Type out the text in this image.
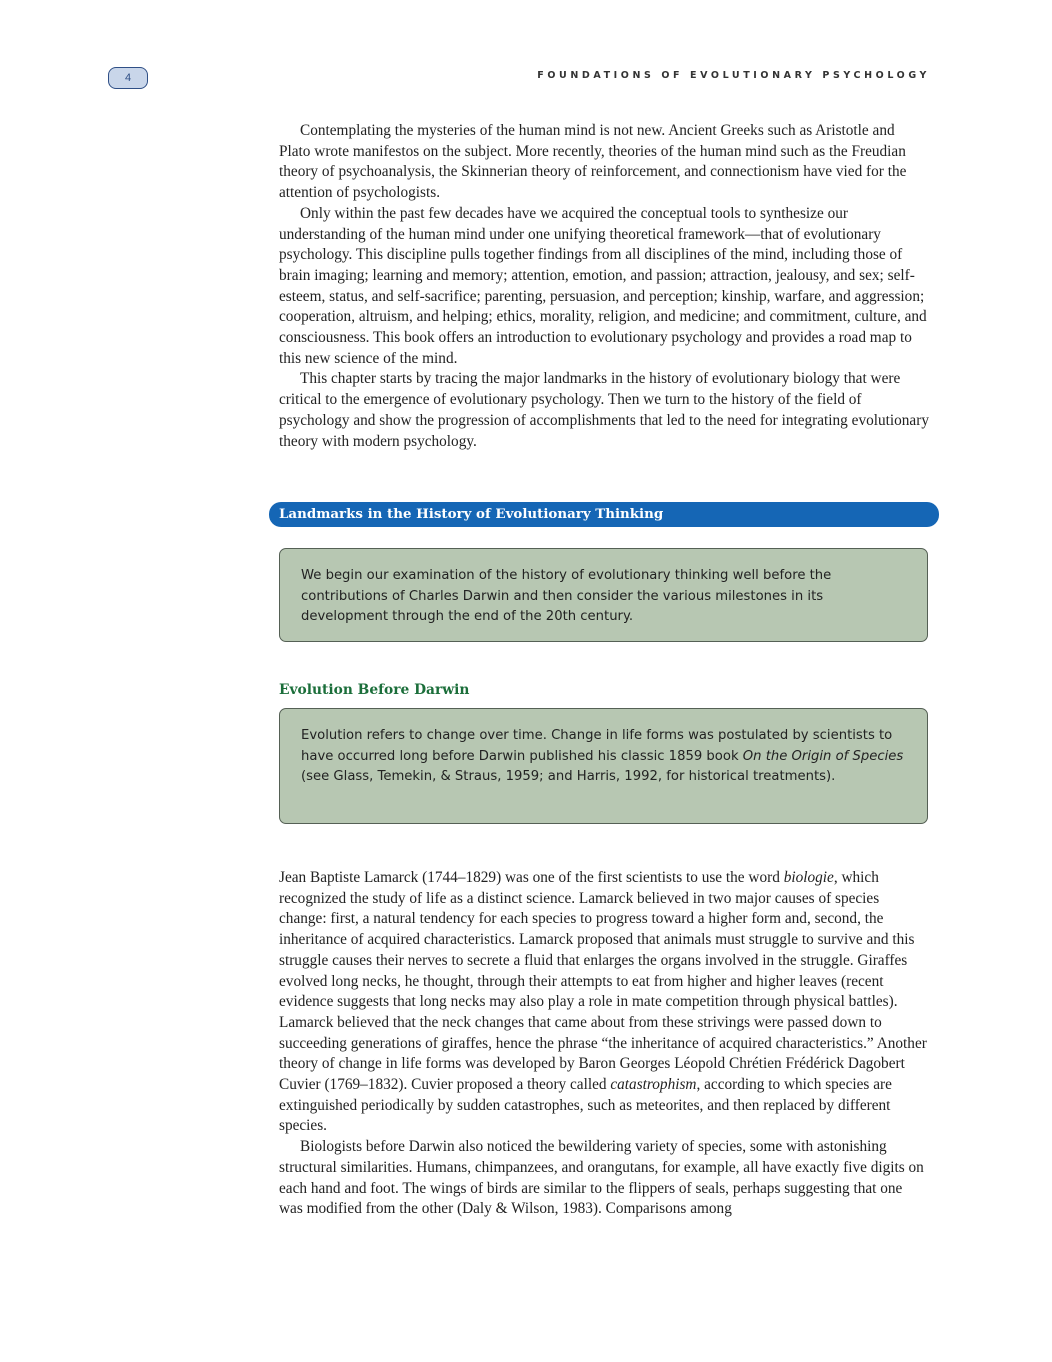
4	FOUNDATIONS OF EVOLUTIONARY PSYCHOLOGY

Contemplating the mysteries of the human mind is not new. Ancient Greeks such as Aristotle and Plato wrote manifestos on the subject. More recently, theories of the human mind such as the Freudian theory of psychoanalysis, the Skinnerian theory of reinforcement, and connectionism have vied for the attention of psychologists.

Only within the past few decades have we acquired the conceptual tools to synthesize our understanding of the human mind under one unifying theoretical framework—that of evolutionary psychology. This discipline pulls together findings from all disciplines of the mind, including those of brain imaging; learning and memory; attention, emotion, and passion; attraction, jealousy, and sex; self-esteem, status, and self-sacrifice; parenting, persuasion, and perception; kinship, warfare, and aggression; cooperation, altruism, and helping; ethics, morality, religion, and medicine; and commitment, culture, and consciousness. This book offers an introduction to evolutionary psychology and provides a road map to this new science of the mind.

This chapter starts by tracing the major landmarks in the history of evolutionary biology that were critical to the emergence of evolutionary psychology. Then we turn to the history of the field of psychology and show the progression of accomplishments that led to the need for integrating evolutionary theory with modern psychology.

Landmarks in the History of Evolutionary Thinking

We begin our examination of the history of evolutionary thinking well before the contributions of Charles Darwin and then consider the various milestones in its development through the end of the 20th century.

Evolution Before Darwin

Evolution refers to change over time. Change in life forms was postulated by scientists to have occurred long before Darwin published his classic 1859 book On the Origin of Species (see Glass, Temekin, & Straus, 1959; and Harris, 1992, for historical treatments).

Jean Baptiste Lamarck (1744–1829) was one of the first scientists to use the word biologie, which recognized the study of life as a distinct science. Lamarck believed in two major causes of species change: first, a natural tendency for each species to progress toward a higher form and, second, the inheritance of acquired characteristics. Lamarck proposed that animals must struggle to survive and this struggle causes their nerves to secrete a fluid that enlarges the organs involved in the struggle. Giraffes evolved long necks, he thought, through their attempts to eat from higher and higher leaves (recent evidence suggests that long necks may also play a role in mate competition through physical battles). Lamarck believed that the neck changes that came about from these strivings were passed down to succeeding generations of giraffes, hence the phrase “the inheritance of acquired characteristics.” Another theory of change in life forms was developed by Baron Georges Léopold Chrétien Frédérick Dagobert Cuvier (1769–1832). Cuvier proposed a theory called catastrophism, according to which species are extinguished periodically by sudden catastrophes, such as meteorites, and then replaced by different species.

Biologists before Darwin also noticed the bewildering variety of species, some with astonishing structural similarities. Humans, chimpanzees, and orangutans, for example, all have exactly five digits on each hand and foot. The wings of birds are similar to the flippers of seals, perhaps suggesting that one was modified from the other (Daly & Wilson, 1983). Comparisons among
